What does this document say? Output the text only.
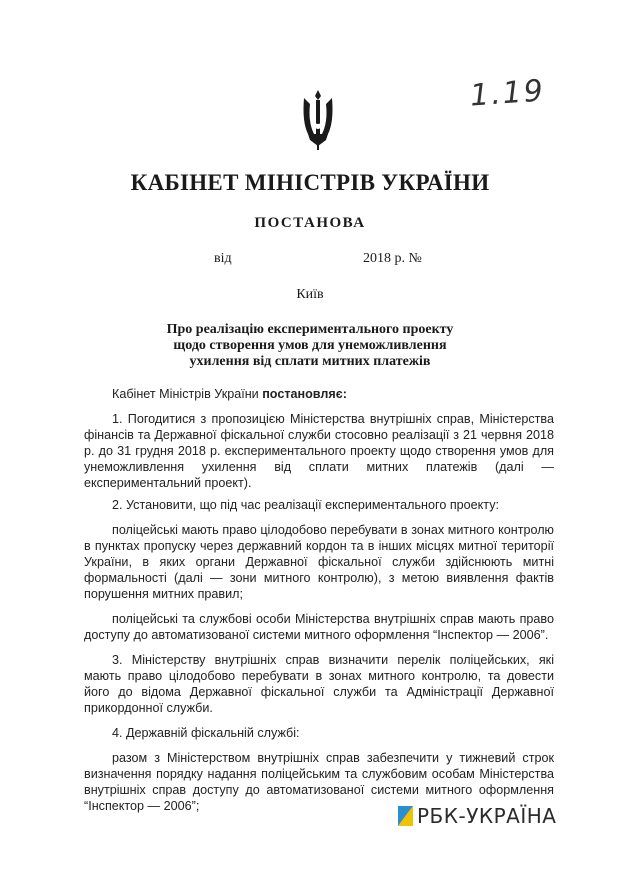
1.19
КАБІНЕТ МІНІСТРІВ УКРАЇНИ
ПОСТАНОВА
від	2018 р. №
Київ
Про реалізацію експериментального проекту
щодо створення умов для унеможливлення
ухилення від сплати митних платежів

Кабінет Міністрів України постановляє:

1. Погодитися з пропозицією Міністерства внутрішніх справ, Міністерства фінансів та Державної фіскальної служби стосовно реалізації з 21 червня 2018 р. до 31 грудня 2018 р. експериментального проекту щодо створення умов для унеможливлення ухилення від сплати митних платежів (далі — експериментальний проект).

2. Установити, що під час реалізації експериментального проекту:

поліцейські мають право цілодобово перебувати в зонах митного контролю в пунктах пропуску через державний кордон та в інших місцях митної території України, в яких органи Державної фіскальної служби здійснюють митні формальності (далі — зони митного контролю), з метою виявлення фактів порушення митних правил;

поліцейські та службові особи Міністерства внутрішніх справ мають право доступу до автоматизованої системи митного оформлення “Інспектор — 2006”.

3. Міністерству внутрішніх справ визначити перелік поліцейських, які мають право цілодобово перебувати в зонах митного контролю, та довести його до відома Державної фіскальної служби та Адміністрації Державної прикордонної служби.

4. Державній фіскальній службі:

разом з Міністерством внутрішніх справ забезпечити у тижневий строк визначення порядку надання поліцейським та службовим особам Міністерства внутрішніх справ доступу до автоматизованої системи митного оформлення “Інспектор — 2006”;	РБК-УКРАЇНА
